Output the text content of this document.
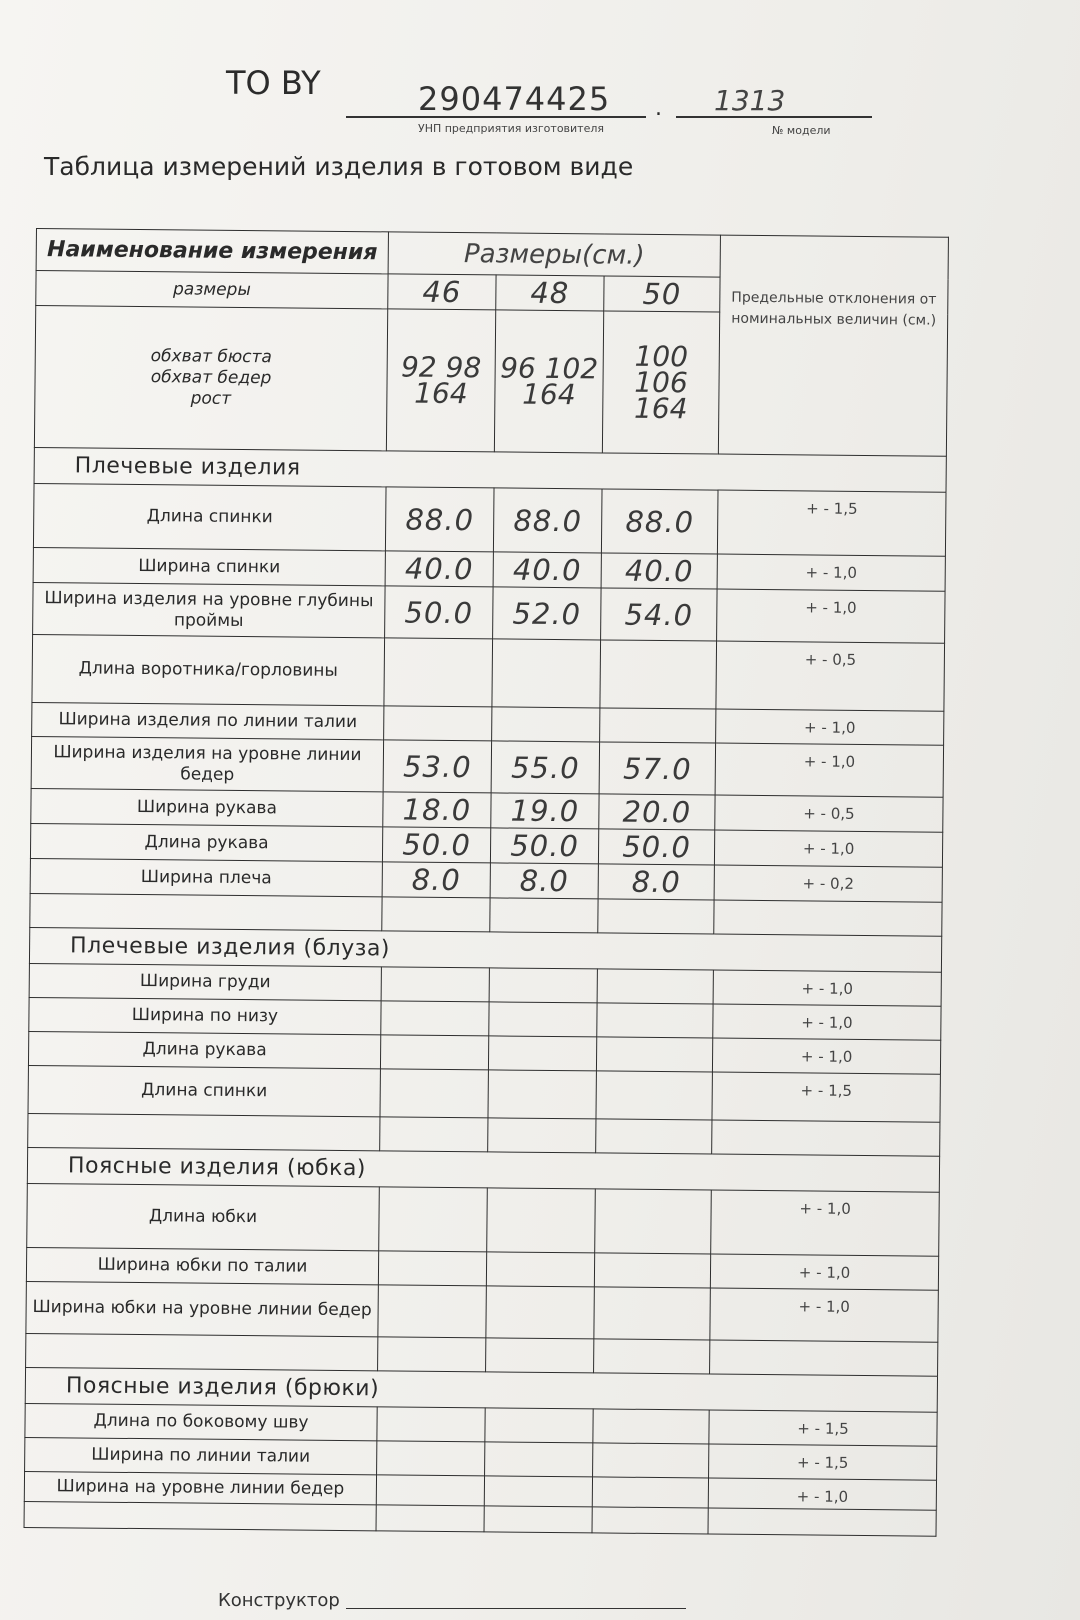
ТО BY	290474425
УНП предприятия изготовителя
. 1313
№ модели
Таблица измерений изделия в готовом виде
Наименование измерения	Размеры(см.)			Предельные отклонения от номинальных величин (см.)
размеры	46	48	50	

обхват бюста
обхват бедер
рост	92 98 164	96 102 164	100 106 164	
Плечевые изделия				
Длина спинки	88.0	88.0	88.0	+ - 1,5
Ширина спинки	40.0	40.0	40.0	+ - 1,0
Ширина изделия на уровне глубины проймы	50.0	52.0	54.0	+ - 1,0
Длина воротника/горловины				+ - 0,5
Ширина изделия по линии талии				+ - 1,0
Ширина изделия на уровне линии бедер	53.0	55.0	57.0	+ - 1,0
Ширина рукава	18.0	19.0	20.0	+ - 0,5
Длина рукава	50.0	50.0	50.0	+ - 1,0
Ширина плеча	8.0	8.0	8.0	+ - 0,2

Плечевые изделия (блуза)				
Ширина груди				+ - 1,0
Ширина по низу				+ - 1,0
Длина рукава				+ - 1,0
Длина спинки				+ - 1,5

Поясные изделия (юбка)				
Длина юбки				+ - 1,0
Ширина юбки по талии				+ - 1,0
Ширина юбки на уровне линии бедер				+ - 1,0

Поясные изделия (брюки)				
Длина по боковому шву				+ - 1,5
Ширина по линии талии				+ - 1,5
Ширина на уровне линии бедер				+ - 1,0

Конструктор
